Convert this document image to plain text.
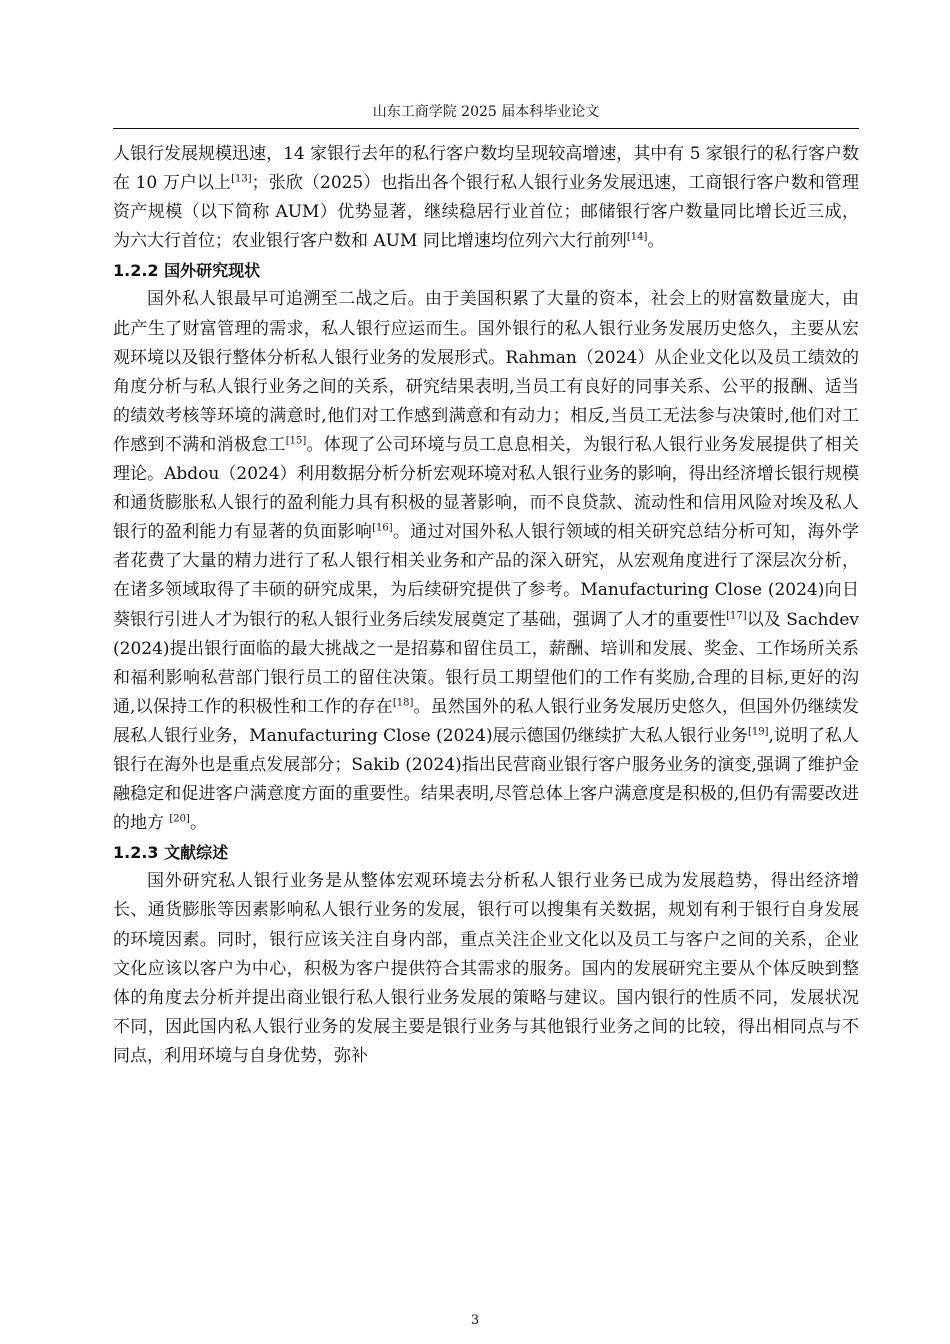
山东工商学院 2025 届本科毕业论文

人银行发展规模迅速，14 家银行去年的私行客户数均呈现较高增速，其中有 5 家银行的私行客户数在 10 万户以上[13]；张欣（2025）也指出各个银行私人银行业务发展迅速，工商银行客户数和管理资产规模（以下简称 AUM）优势显著，继续稳居行业首位；邮储银行客户数量同比增长近三成，为六大行首位；农业银行客户数和 AUM 同比增速均位列六大行前列[14]。

1.2.2 国外研究现状

国外私人银最早可追溯至二战之后。由于美国积累了大量的资本，社会上的财富数量庞大，由此产生了财富管理的需求，私人银行应运而生。国外银行的私人银行业务发展历史悠久，主要从宏观环境以及银行整体分析私人银行业务的发展形式。Rahman（2024）从企业文化以及员工绩效的角度分析与私人银行业务之间的关系，研究结果表明,当员工有良好的同事关系、公平的报酬、适当的绩效考核等环境的满意时,他们对工作感到满意和有动力；相反,当员工无法参与决策时,他们对工作感到不满和消极怠工[15]。体现了公司环境与员工息息相关，为银行私人银行业务发展提供了相关理论。Abdou（2024）利用数据分析分析宏观环境对私人银行业务的影响，得出经济增长银行规模和通货膨胀私人银行的盈利能力具有积极的显著影响，而不良贷款、流动性和信用风险对埃及私人银行的盈利能力有显著的负面影响[16]。通过对国外私人银行领域的相关研究总结分析可知，海外学者花费了大量的精力进行了私人银行相关业务和产品的深入研究，从宏观角度进行了深层次分析，在诸多领域取得了丰硕的研究成果，为后续研究提供了参考。Manufacturing Close (2024)向日葵银行引进人才为银行的私人银行业务后续发展奠定了基础，强调了人才的重要性[17]以及 Sachdev (2024)提出银行面临的最大挑战之一是招募和留住员工，薪酬、培训和发展、奖金、工作场所关系和福利影响私营部门银行员工的留住决策。银行员工期望他们的工作有奖励,合理的目标,更好的沟通,以保持工作的积极性和工作的存在[18]。虽然国外的私人银行业务发展历史悠久，但国外仍继续发展私人银行业务，Manufacturing Close (2024)展示德国仍继续扩大私人银行业务[19],说明了私人银行在海外也是重点发展部分；Sakib (2024)指出民营商业银行客户服务业务的演变,强调了维护金融稳定和促进客户满意度方面的重要性。结果表明,尽管总体上客户满意度是积极的,但仍有需要改进的地方 [20]。

1.2.3 文献综述

国外研究私人银行业务是从整体宏观环境去分析私人银行业务已成为发展趋势，得出经济增长、通货膨胀等因素影响私人银行业务的发展，银行可以搜集有关数据，规划有利于银行自身发展的环境因素。同时，银行应该关注自身内部，重点关注企业文化以及员工与客户之间的关系，企业文化应该以客户为中心，积极为客户提供符合其需求的服务。国内的发展研究主要从个体反映到整体的角度去分析并提出商业银行私人银行业务发展的策略与建议。国内银行的性质不同，发展状况不同，因此国内私人银行业务的发展主要是银行业务与其他银行业务之间的比较，得出相同点与不同点，利用环境与自身优势，弥补

3
